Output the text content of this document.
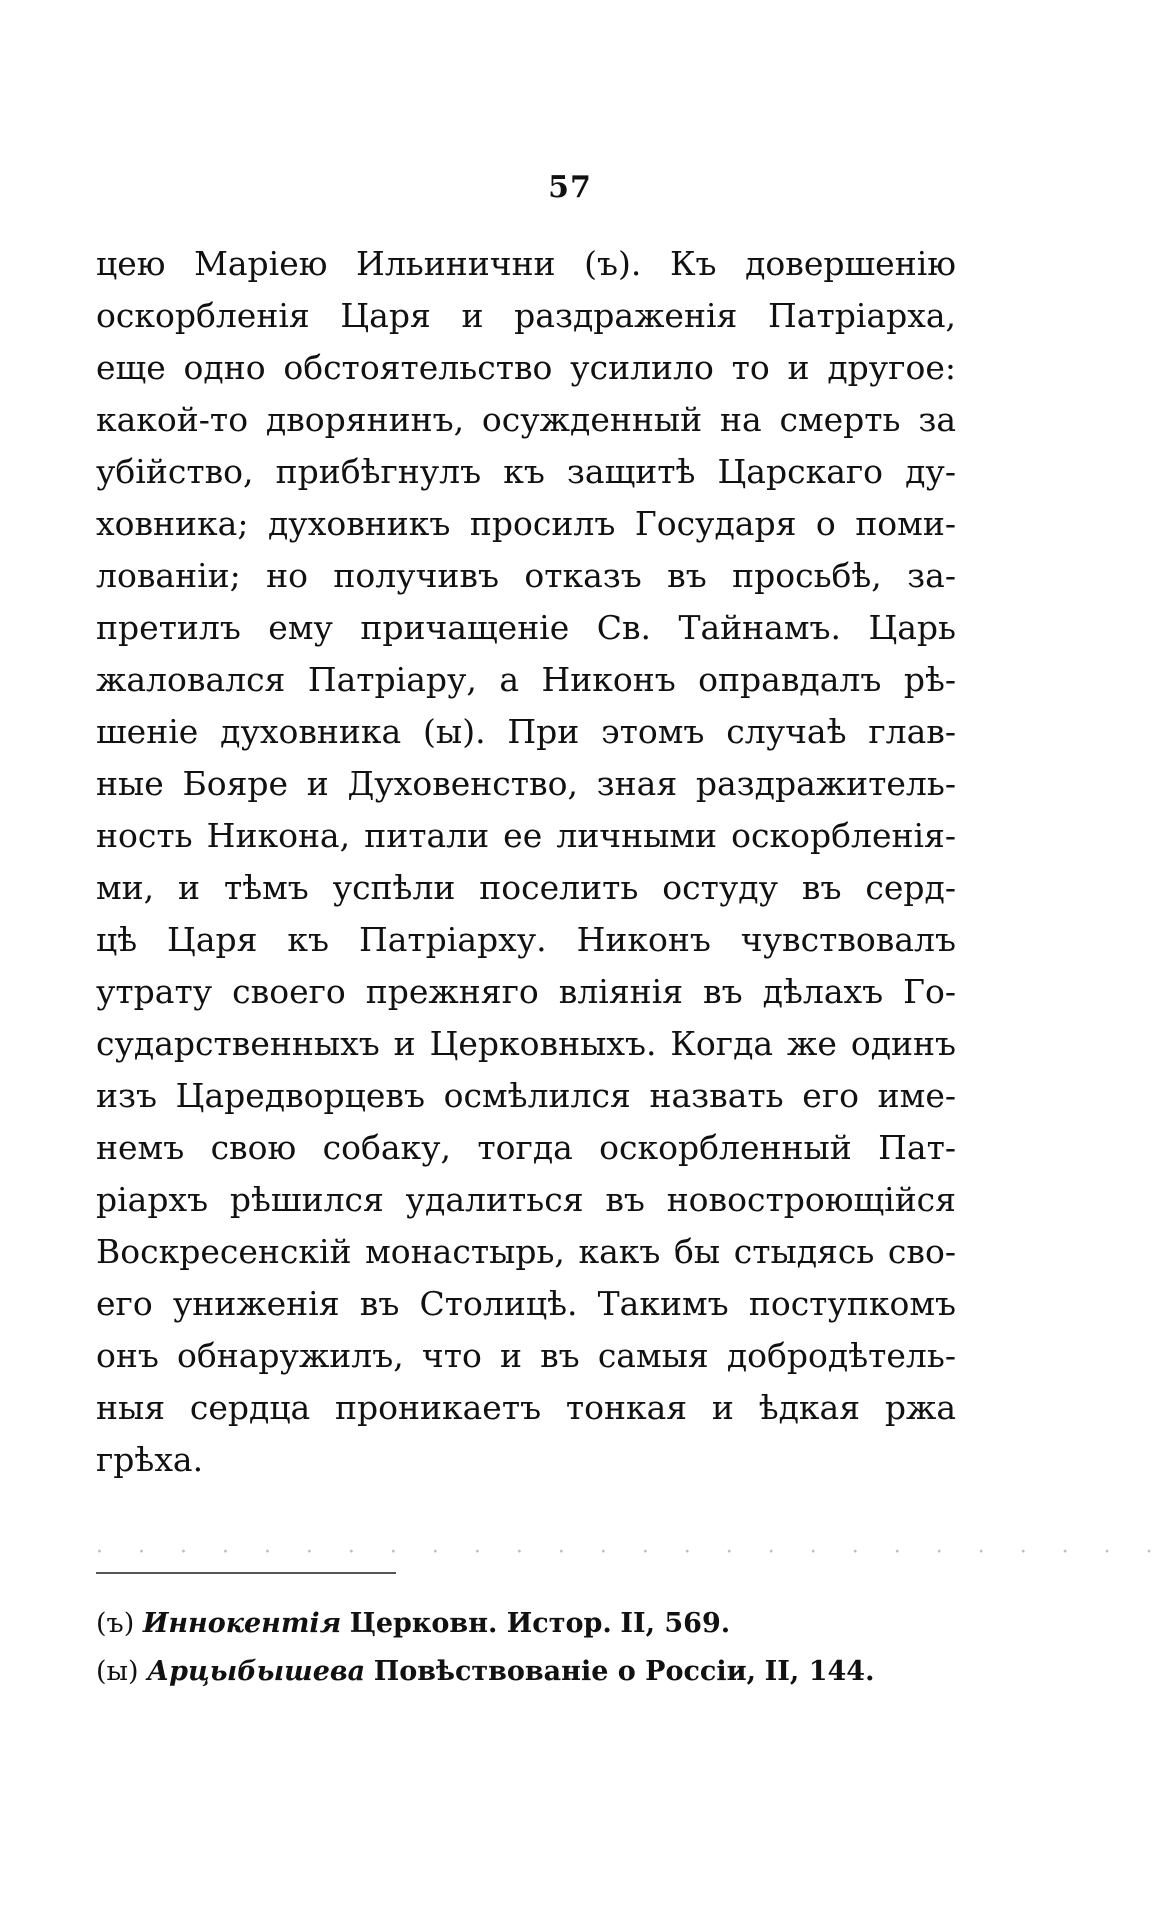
57
цею Марiею Ильинични (ъ). Къ довершенiю
оскорбленiя Царя и раздраженiя Патрiарха,
еще одно обстоятельство усилило то и другое:
какой-то дворянинъ, осужденный на смерть за
убiйство, прибѣгнулъ къ защитѣ Царскаго ду-
ховника; духовникъ просилъ Государя о поми-
лованiи; но получивъ отказъ въ просьбѣ, за-
претилъ ему причащенiе Св. Тайнамъ. Царь
жаловался Патрiару, а Никонъ оправдалъ рѣ-
шенiе духовника (ы). При этомъ случаѣ глав-
ные Бояре и Духовенство, зная раздражитель-
ность Никона, питали ее личными оскорбленiя-
ми, и тѣмъ успѣли поселить остуду въ серд-
цѣ Царя къ Патрiарху. Никонъ чувствовалъ
утрату своего прежняго влiянiя въ дѣлахъ Го-
сударственныхъ и Церковныхъ. Когда же одинъ
изъ Царедворцевъ осмѣлился назвать его име-
немъ свою собаку, тогда оскорбленный Пат-
рiархъ рѣшился удалиться въ новостроющiйся
Воскресенскiй монастырь, какъ бы стыдясь сво-
его униженiя въ Столицѣ. Такимъ поступкомъ
онъ обнаружилъ, что и въ самыя добродѣтель-
ныя сердца проникаетъ тонкая и ѣдкая ржа
грѣха.
· · · · · · · · · · · · · · · · · · · · · · · · · ·
(ъ) Иннокентiя Церковн. Истор. II, 569.
(ы) Арцыбышева Повѣствованiе о Россiи, II, 144.
